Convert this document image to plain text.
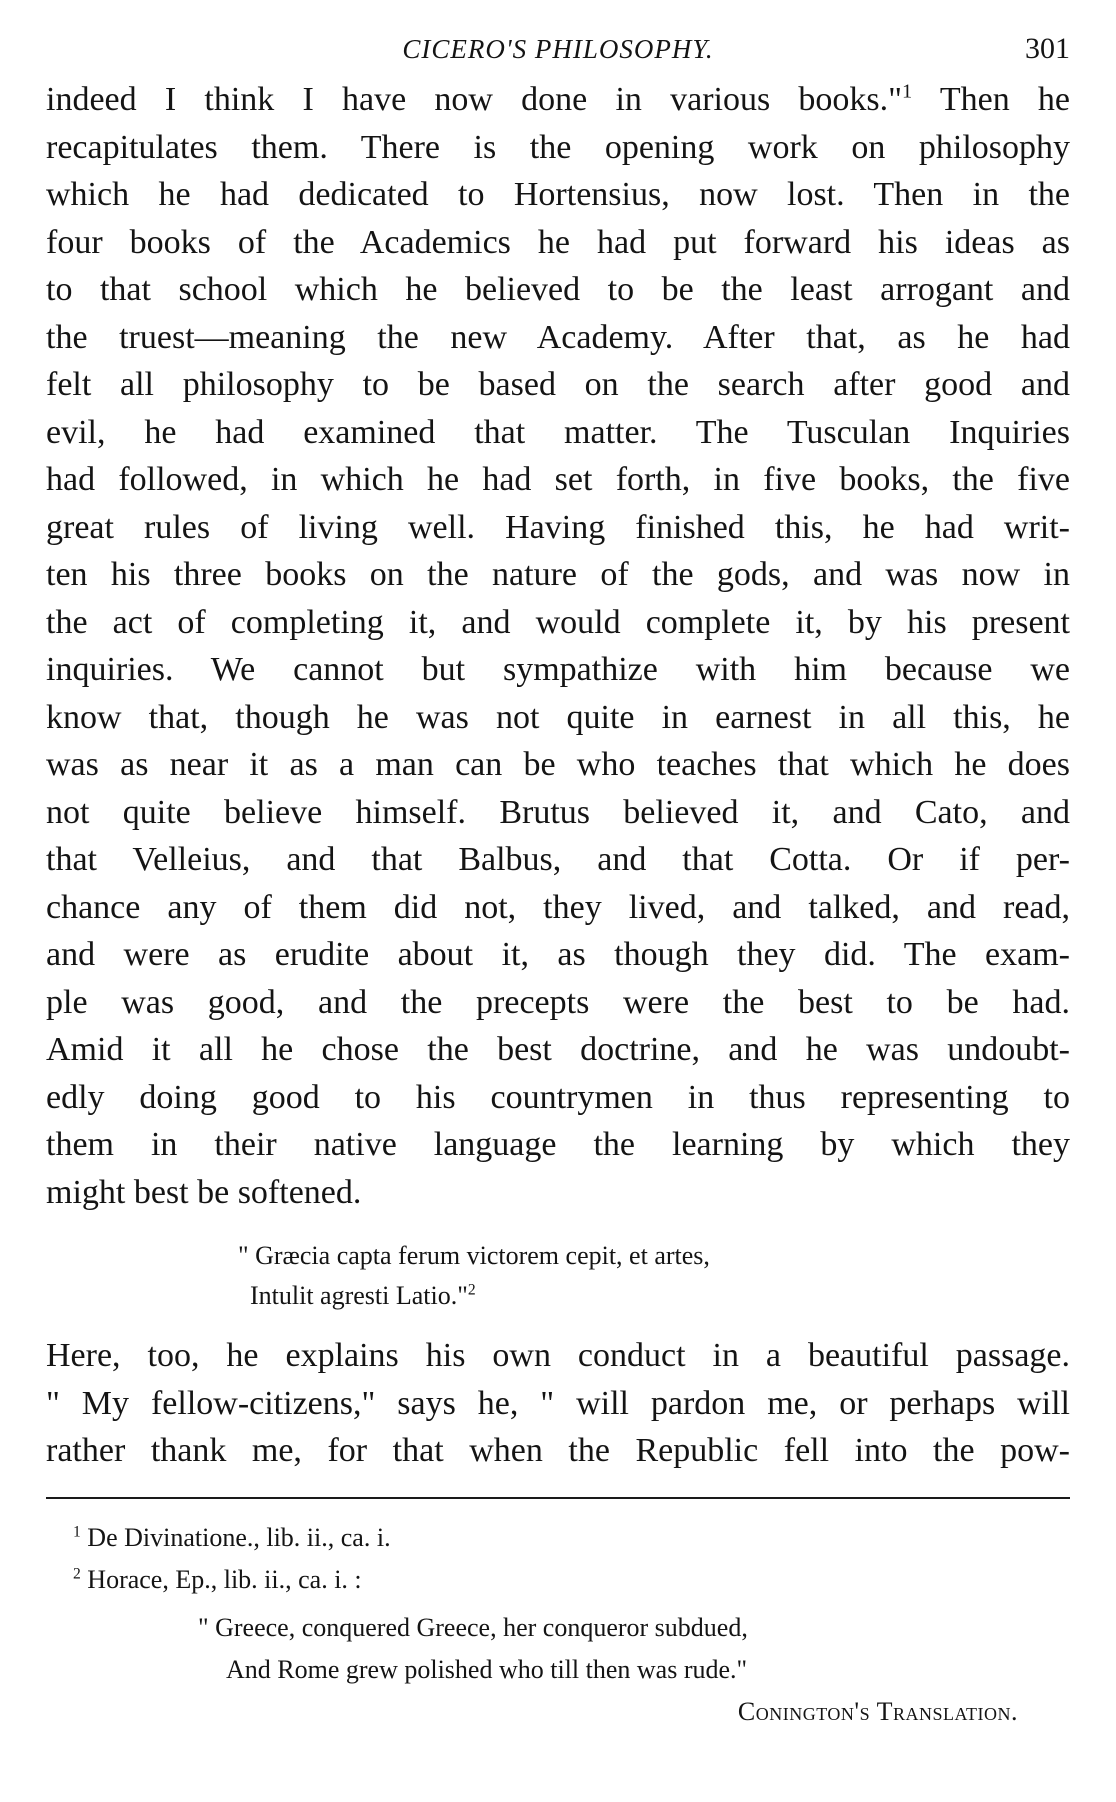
CICERO'S PHILOSOPHY.	301
indeed I think I have now done in various books."$^1$ Then he
recapitulates them. There is the opening work on philosophy
which he had dedicated to Hortensius, now lost. Then in the
four books of the Academics he had put forward his ideas as
to that school which he believed to be the least arrogant and
the truest—meaning the new Academy. After that, as he had
felt all philosophy to be based on the search after good and
evil, he had examined that matter. The Tusculan Inquiries
had followed, in which he had set forth, in five books, the five
great rules of living well. Having finished this, he had writ-
ten his three books on the nature of the gods, and was now in
the act of completing it, and would complete it, by his present
inquiries. We cannot but sympathize with him because we
know that, though he was not quite in earnest in all this, he
was as near it as a man can be who teaches that which he does
not quite believe himself. Brutus believed it, and Cato, and
that Velleius, and that Balbus, and that Cotta. Or if per-
chance any of them did not, they lived, and talked, and read,
and were as erudite about it, as though they did. The exam-
ple was good, and the precepts were the best to be had.
Amid it all he chose the best doctrine, and he was undoubt-
edly doing good to his countrymen in thus representing to
them in their native language the learning by which they
might best be softened.
" Græcia capta ferum victorem cepit, et artes,
Intulit agresti Latio."$^2$
Here, too, he explains his own conduct in a beautiful passage.
" My fellow-citizens," says he, " will pardon me, or perhaps will
rather thank me, for that when the Republic fell into the pow-
$^1$ De Divinatione., lib. ii., ca. i.
$^2$ Horace, Ep., lib. ii., ca. i. :
" Greece, conquered Greece, her conqueror subdued,
And Rome grew polished who till then was rude."
Conington's Translation.
